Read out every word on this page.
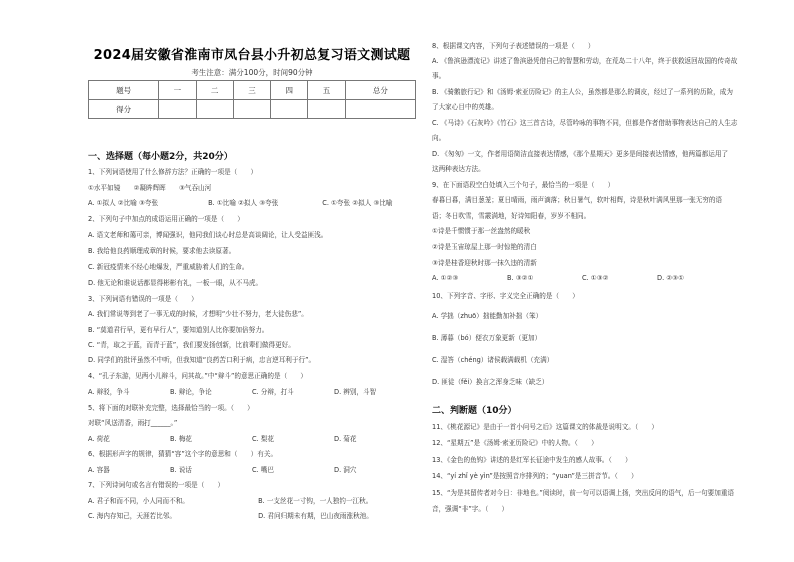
2024届安徽省淮南市凤台县小升初总复习语文测试题
考生注意：满分100分，时间90分钟
题号	一	二	三	四	五	总分
得分						
一、选择题（每小题2分，共20分）
1、下列词语使用了什么修辞方法？正确的一项是（　　）
①水平如镜　　②凝眸辉晖　　③气吞山河
A. ①拟人 ②比喻 ③夸张	B. ①比喻 ②拟人 ③夸张	C. ①夸张 ②拟人 ③比喻
2、下列句子中加点的成语运用正确的一项是（　　）
A. 语文老师和蔼可亲，博闻强识，他同我们谈心时总是高谈阔论，让人受益匪浅。
B. 我给他良药顺理成章的时候，要求他去读原著。
C. 新冠疫情来不经心地爆发，严重威胁着人们的生命。
D. 他无论和谁说话都显得彬彬有礼，一板一眼，从不马虎。
3、下列词语有错误的一项是（　　）
A. 我们常说等到老了一事无成的时候，才想明“少壮不努力，老大徒伤悲”。
B. “莫道君行早，更有早行人”，要知道别人比你要加倍努力。
C. “青，取之于蓝，而青于蓝”，我们要发扬创新，比前辈们做得更好。
D. 同学们的批评虽然不中听，但我知道“良药苦口利于病，忠言逆耳利于行”。
4、“孔子东游，见两小儿辩斗，问其故。”中“辩斗”的意思正确的是（　　）
A. 辩驳，争斗	B. 辩论，争论	C. 分辩，打斗	D. 辨别，斗智
5、将下面的对联补充完整，选择最恰当的一项。（　　）
对联“风送清香，雨打______。”
A. 荷花	B. 梅花	C. 梨花	D. 菊花
6、根据形声字的规律，猜猜“容”这个字的意思和（　　）有关。
A. 容器	B. 说话	C. 嘴巴	D. 洞穴
7、下列诗词句或名言有错误的一项是（　　）
A. 君子和而不同，小人同而不和。	B. 一支丝花一寸钩，一人独钓一江秋。
C. 海内存知己，天涯若比邻。	D. 君问归期未有期，巴山夜雨涨秋池。
8、根据课文内容，下列句子表述错误的一项是（　　）
A. 《鲁滨逊漂流记》讲述了鲁滨逊凭借自己的智慧和劳动，在荒岛二十八年，终于获救返回故国的传奇故
事。
B. 《骑鹅旅行记》和《汤姆·索亚历险记》的主人公，虽然都是那么的调皮，经过了一系列的历险，成为
了大家心目中的英雄。
C. 《马诗》《石灰吟》《竹石》这三首古诗，尽管吟咏的事物不同，但都是作者借助事物表达自己的人生志
向。
D. 《匆匆》一文，作者用语简洁直接表达情感，《那个星期天》更多是间接表达情感，他两篇都运用了
这两种表达方法。
9、在下面语段空白处填入三个句子，最恰当的一项是（　　）
春暮日暮，满目葱茏；夏日晴雨，雨声滴落；秋日暑气，软叶相辉，诗是秋叶满风里那一张无穷的语
语；冬日吹雪，雪霰满地，好诗知阳春，岁岁不相同。
①诗是千惯惯于那一丝盎然的暖秋
②诗是玉宙琼屋上那一时惊艳的清白
③诗是桂香迎秋时那一抹久违的清新
A. ①②③	B. ③②①	C. ①③②	D. ②③①
10、下列字音、字形、字义完全正确的是（　　）
A. 学拙（zhuō）拙能勤加补拙（笨）
B. 薄暮（bó）便衣万象更新（更加）
C. 湿答（chéng）诸侯载满载机（充满）
D. 匪徒（fěi）换言之浑身乏味（缺乏）
二、判断题（10分）
11、《桃花源记》是由于一首小问号之后》这篇课文的体裁是说明文。（　　）
12、“星期五”是《汤姆·索亚历险记》中的人物。（　　）
13、《金色的鱼钩》讲述的是红军长征途中发生的感人故事。（　　）
14、“yí zhǐ yè yìn”是按照音序排列的；“yuan”是三拼音节。（　　）
15、“为是其留传者对今日：非地也。”阅读时，前一句可以语调上扬，突出反问的语气，后一句要加重语
音，强调“非”字。（　　）
